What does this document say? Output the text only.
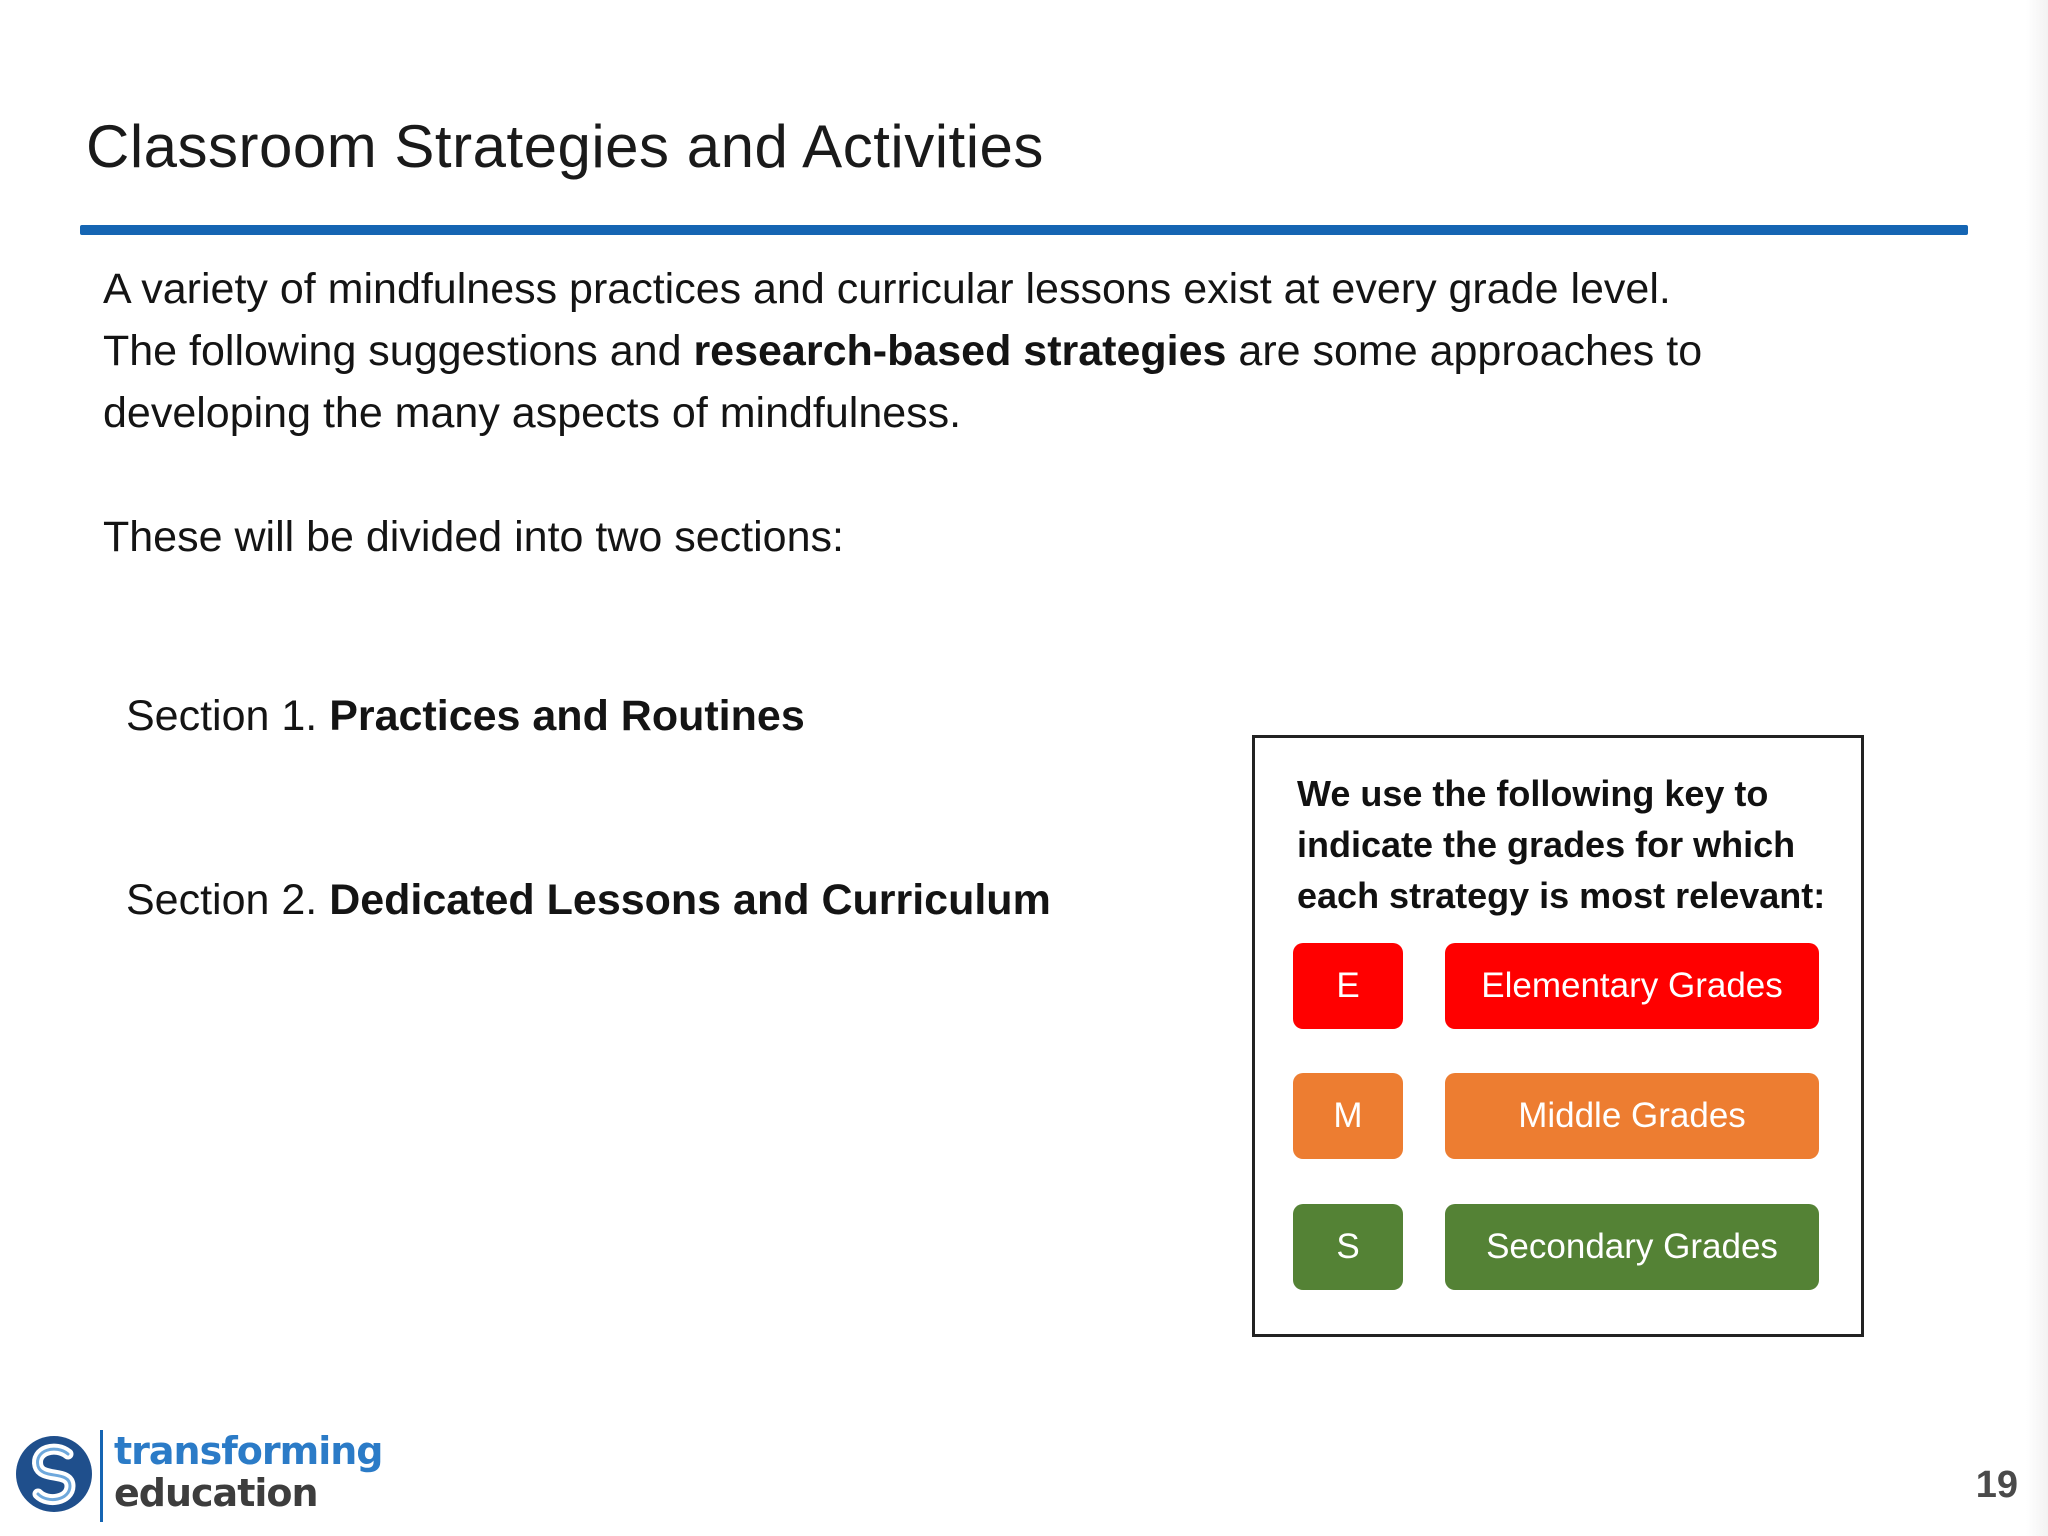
Classroom Strategies and Activities

A variety of mindfulness practices and curricular lessons exist at every grade level.

The following suggestions and research-based strategies are some approaches to

developing the many aspects of mindfulness.

These will be divided into two sections:

Section 1. Practices and Routines
Section 2. Dedicated Lessons and Curriculum
We use the following key to indicate the grades for which each strategy is most relevant:
E	Elementary Grades
M	Middle Grades
S	Secondary Grades
transforming
education	19
